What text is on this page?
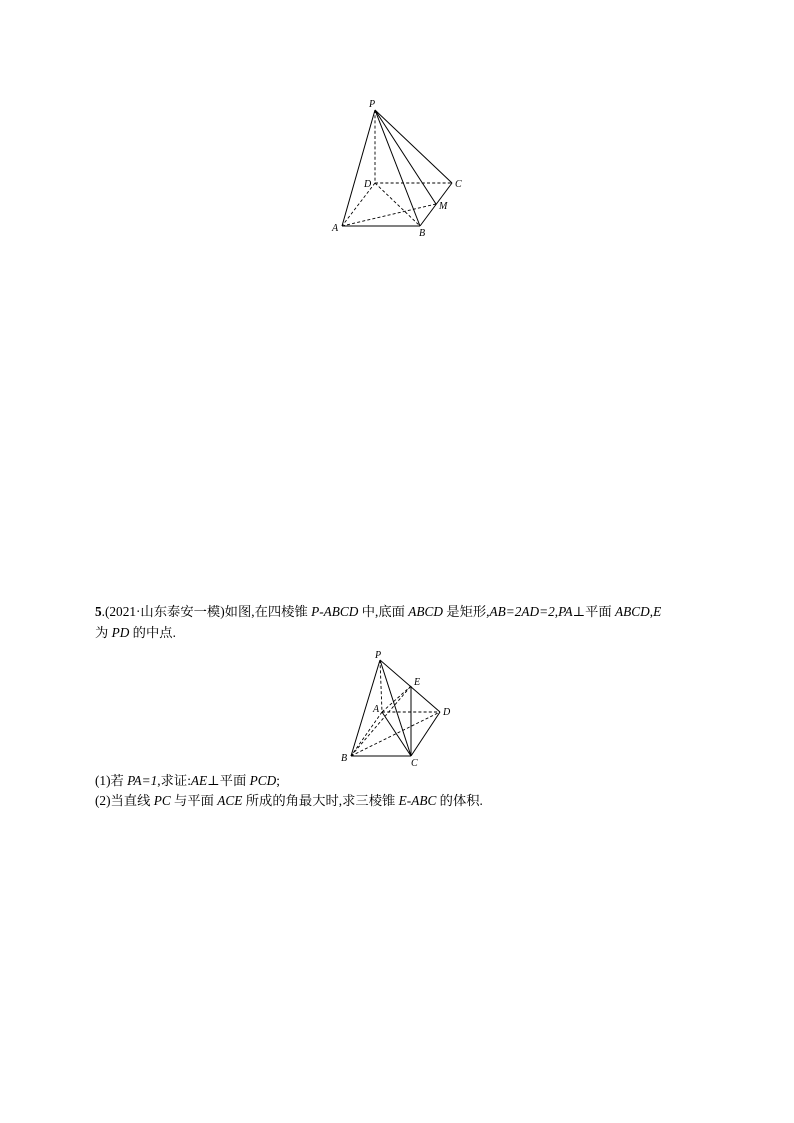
P
D	C
M
A	B
5.(2021·山东泰安一模)如图,在四棱锥 P-ABCD 中,底面 ABCD 是矩形,AB=2AD=2,PA⊥平面 ABCD,E
为 PD 的中点.
P
E
A	D
B	C
(1)若 PA=1,求证:AE⊥平面 PCD;
(2)当直线 PC 与平面 ACE 所成的角最大时,求三棱锥 E-ABC 的体积.
